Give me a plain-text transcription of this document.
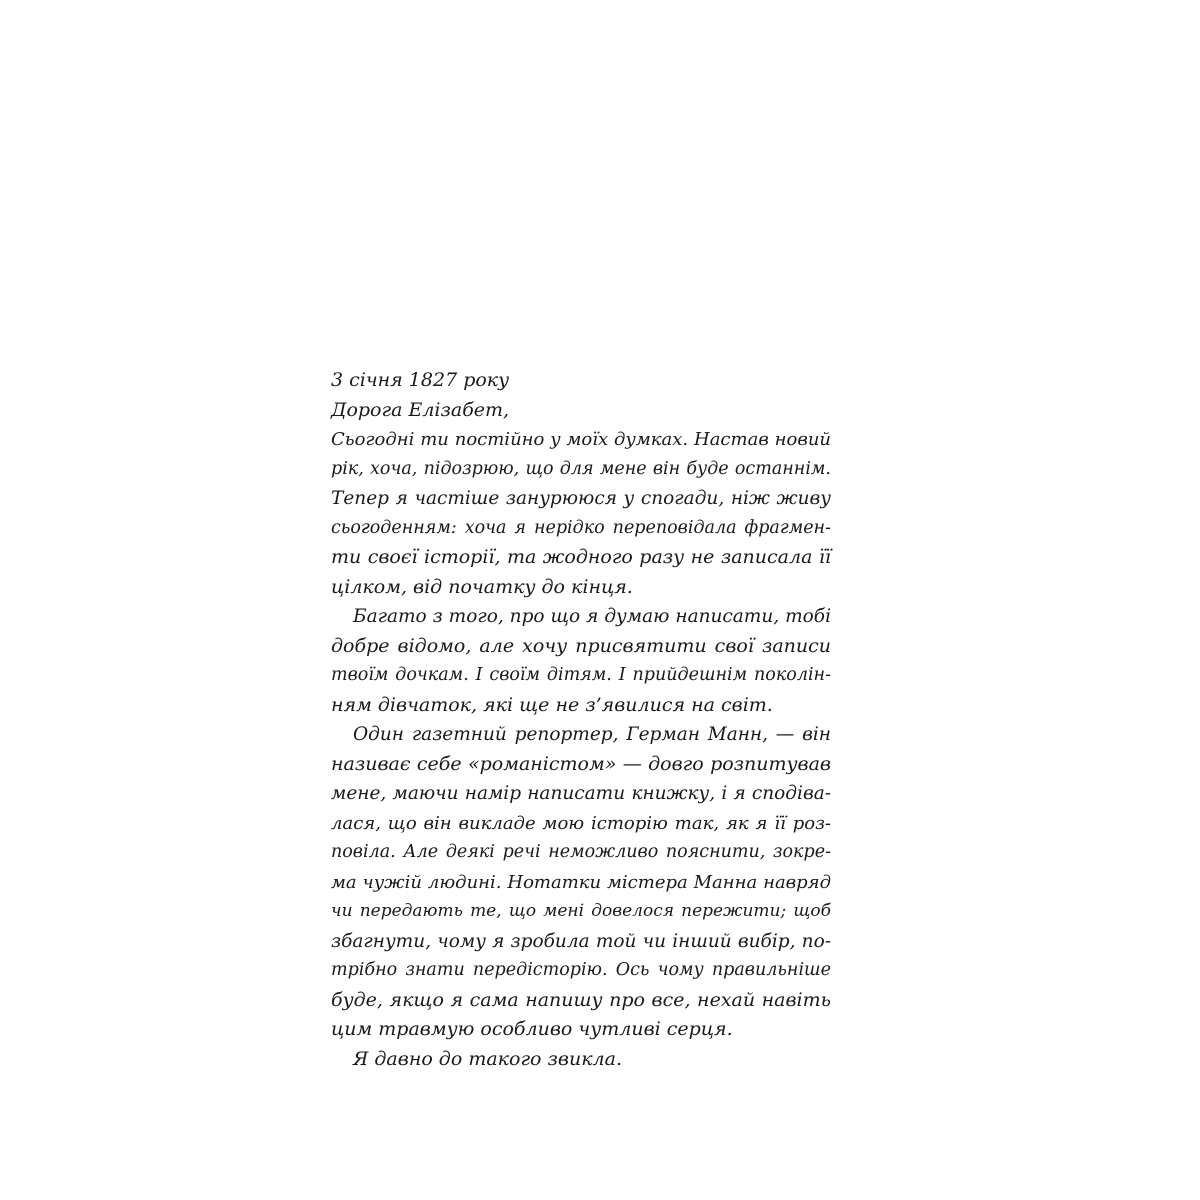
3 січня 1827 року
Дорога Елізабет,
Сьогодні ти постійно у моїх думках. Настав новий
рік, хоча, підозрюю, що для мене він буде останнім.
Тепер я частіше занурююся у спогади, ніж живу
сьогоденням: хоча я нерідко переповідала фрагмен-
ти своєї історії, та жодного разу не записала її
цілком, від початку до кінця.
Багато з того, про що я думаю написати, тобі
добре відомо, але хочу присвятити свої записи
твоїм дочкам. І своїм дітям. І прийдешнім поколін-
ням дівчаток, які ще не з’явилися на світ.
Один газетний репортер, Герман Манн, — він
називає себе «романістом» — довго розпитував
мене, маючи намір написати книжку, і я сподіва-
лася, що він викладе мою історію так, як я її роз-
повіла. Але деякі речі неможливо пояснити, зокре-
ма чужій людині. Нотатки містера Манна навряд
чи передають те, що мені довелося пережити; щоб
збагнути, чому я зробила той чи інший вибір, по-
трібно знати передісторію. Ось чому правильніше
буде, якщо я сама напишу про все, нехай навіть
цим травмую особливо чутливі серця.
Я давно до такого звикла.
